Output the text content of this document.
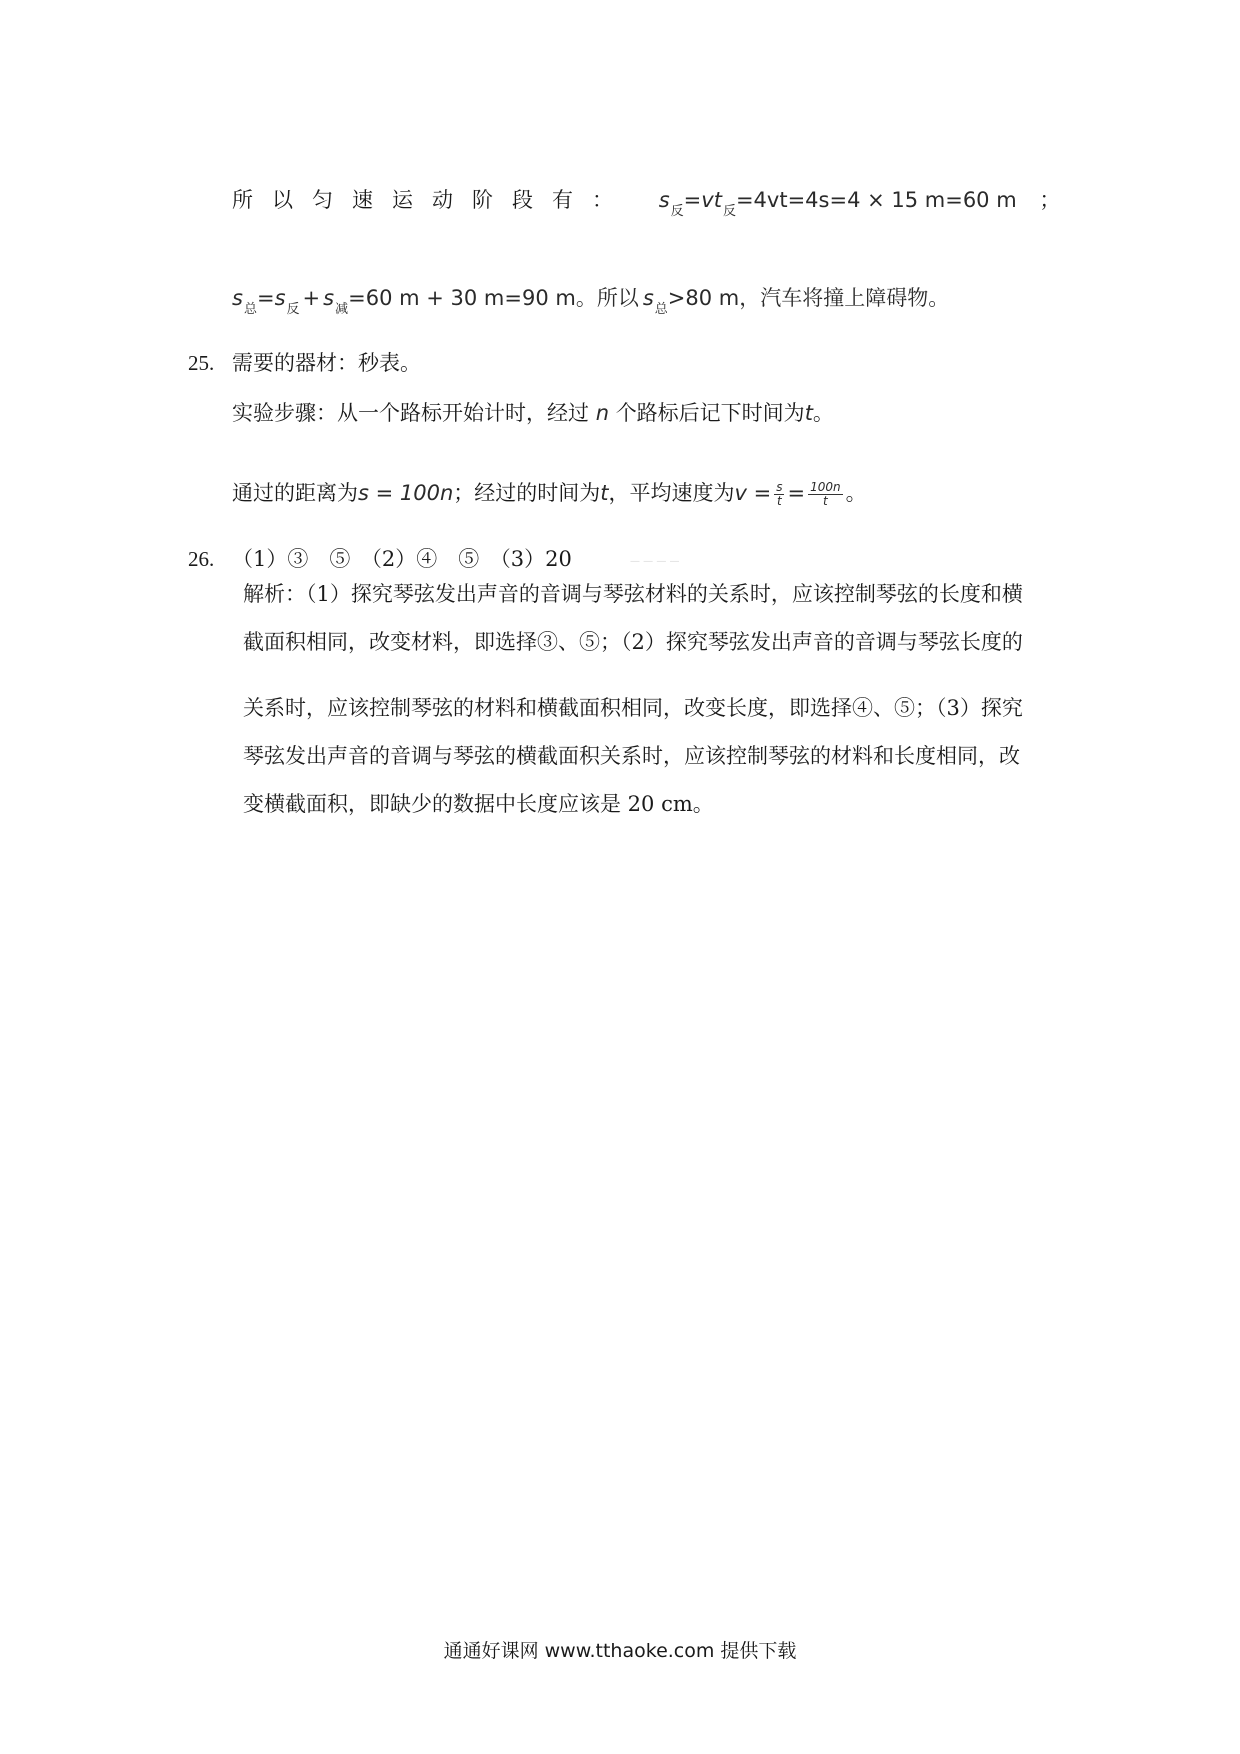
所以匀速运动阶段有： $s_反=vt_反=4vt=4s=4 \times 15$ m=60 m ；
$s_总=s_反 + s_减=60$ m + 30 m=90 m。所以 $s_总>80$ m，汽车将撞上障碍物。
25. 需要的器材：秒表。
实验步骤：从一个路标开始计时，经过 n 个路标后记下时间为t。
通过的距离为s = 100n；经过的时间为t，平均速度为$v = \frac{s}{t} = \frac{100n}{t}$ 。
26. （1）③　⑤　（2）④　⑤　（3）20	— — — —
解析：（1）探究琴弦发出声音的音调与琴弦材料的关系时，应该控制琴弦的长度和横
截面积相同，改变材料，即选择③、⑤；（2）探究琴弦发出声音的音调与琴弦长度的
关系时，应该控制琴弦的材料和横截面积相同，改变长度，即选择④、⑤；（3）探究
琴弦发出声音的音调与琴弦的横截面积关系时，应该控制琴弦的材料和长度相同，改
变横截面积，即缺少的数据中长度应该是 20 cm。
通通好课网 www.tthaoke.com 提供下载
